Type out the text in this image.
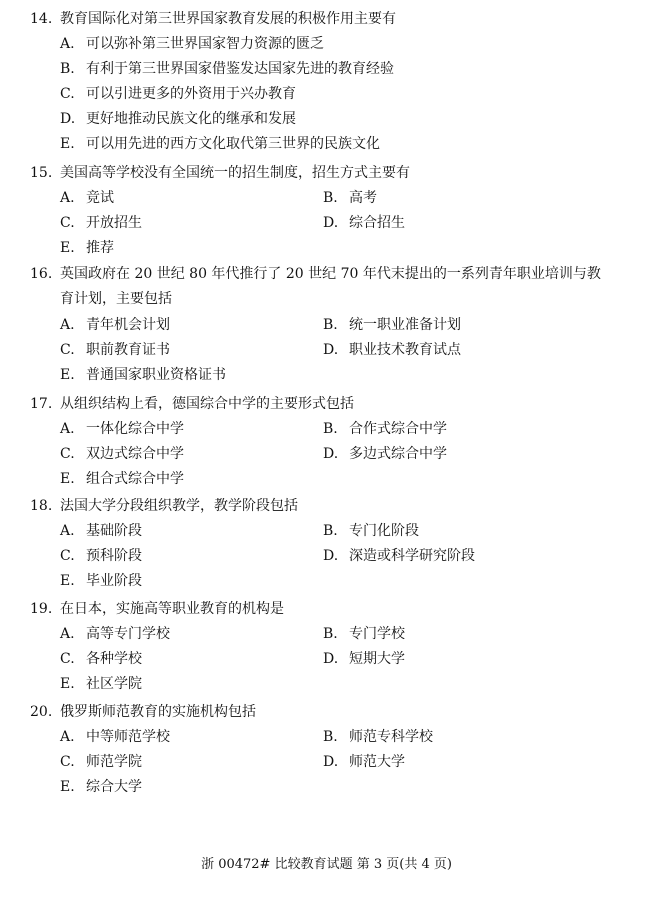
14. 教育国际化对第三世界国家教育发展的积极作用主要有
A. 可以弥补第三世界国家智力资源的匮乏
B. 有利于第三世界国家借鉴发达国家先进的教育经验
C. 可以引进更多的外资用于兴办教育
D. 更好地推动民族文化的继承和发展
E. 可以用先进的西方文化取代第三世界的民族文化
15. 美国高等学校没有全国统一的招生制度，招生方式主要有
A. 竞试	B. 高考
C. 开放招生	D. 综合招生
E. 推荐
16. 英国政府在 20 世纪 80 年代推行了 20 世纪 70 年代末提出的一系列青年职业培训与教
育计划，主要包括
A. 青年机会计划	B. 统一职业准备计划
C. 职前教育证书	D. 职业技术教育试点
E. 普通国家职业资格证书
17. 从组织结构上看，德国综合中学的主要形式包括
A. 一体化综合中学	B. 合作式综合中学
C. 双边式综合中学	D. 多边式综合中学
E. 组合式综合中学
18. 法国大学分段组织教学，教学阶段包括
A. 基础阶段	B. 专门化阶段
C. 预科阶段	D. 深造或科学研究阶段
E. 毕业阶段
19. 在日本，实施高等职业教育的机构是
A. 高等专门学校	B. 专门学校
C. 各种学校	D. 短期大学
E. 社区学院
20. 俄罗斯师范教育的实施机构包括
A. 中等师范学校	B. 师范专科学校
C. 师范学院	D. 师范大学
E. 综合大学
浙 00472# 比较教育试题 第 3 页(共 4 页)
